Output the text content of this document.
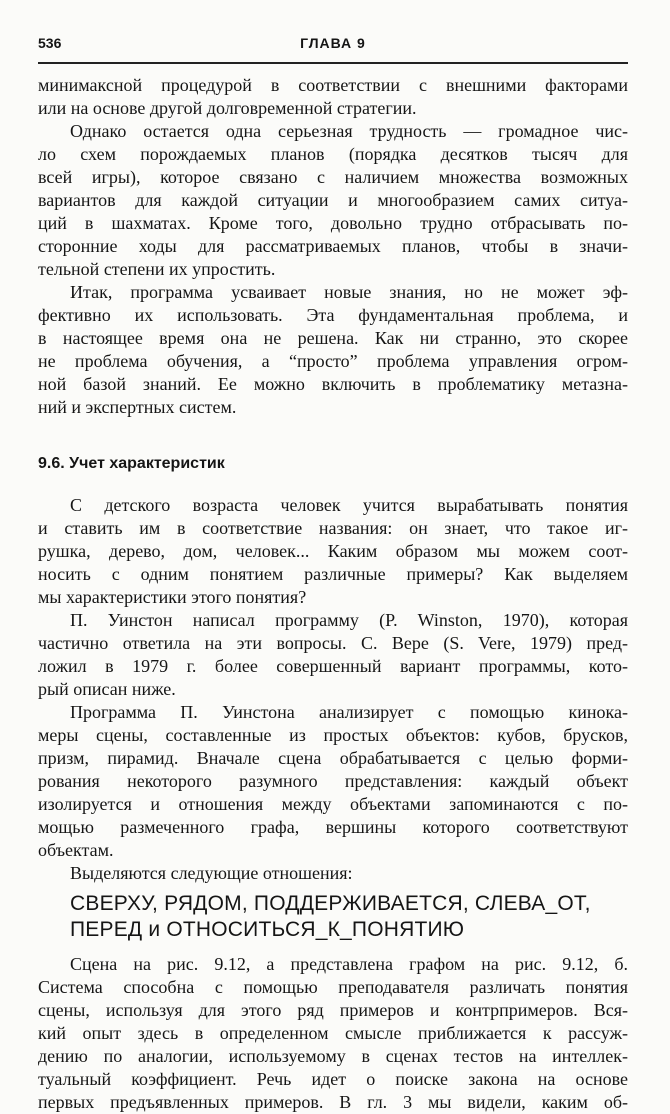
536	ГЛАВА 9
минимаксной процедурой в соответствии с внешними факторами
или на основе другой долговременной стратегии.
Однако остается одна серьезная трудность — громадное чис-
ло схем порождаемых планов (порядка десятков тысяч для
всей игры), которое связано с наличием множества возможных
вариантов для каждой ситуации и многообразием самих ситуа-
ций в шахматах. Кроме того, довольно трудно отбрасывать по-
сторонние ходы для рассматриваемых планов, чтобы в значи-
тельной степени их упростить.
Итак, программа усваивает новые знания, но не может эф-
фективно их использовать. Эта фундаментальная проблема, и
в настоящее время она не решена. Как ни странно, это скорее
не проблема обучения, а “просто” проблема управления огром-
ной базой знаний. Ее можно включить в проблематику метазна-
ний и экспертных систем.
9.6. Учет характеристик
С детского возраста человек учится вырабатывать понятия
и ставить им в соответствие названия: он знает, что такое иг-
рушка, дерево, дом, человек... Каким образом мы можем соот-
носить с одним понятием различные примеры? Как выделяем
мы характеристики этого понятия?
П. Уинстон написал программу (P. Winston, 1970), которая
частично ответила на эти вопросы. С. Вере (S. Vere, 1979) пред-
ложил в 1979 г. более совершенный вариант программы, кото-
рый описан ниже.
Программа П. Уинстона анализирует с помощью кинока-
меры сцены, составленные из простых объектов: кубов, брусков,
призм, пирамид. Вначале сцена обрабатывается с целью форми-
рования некоторого разумного представления: каждый объект
изолируется и отношения между объектами запоминаются с по-
мощью размеченного графа, вершины которого соответствуют
объектам.
Выделяются следующие отношения:
СВЕРХУ, РЯДОМ, ПОДДЕРЖИВАЕТСЯ, СЛЕВА_ОТ,
ПЕРЕД и ОТНОСИТЬСЯ_К_ПОНЯТИЮ
Сцена на рис. 9.12, а представлена графом на рис. 9.12, б.
Система способна с помощью преподавателя различать понятия
сцены, используя для этого ряд примеров и контрпримеров. Вся-
кий опыт здесь в определенном смысле приближается к рассуж-
дению по аналогии, используемому в сценах тестов на интеллек-
туальный коэффициент. Речь идет о поиске закона на основе
первых предъявленных примеров. В гл. 3 мы видели, каким об-
